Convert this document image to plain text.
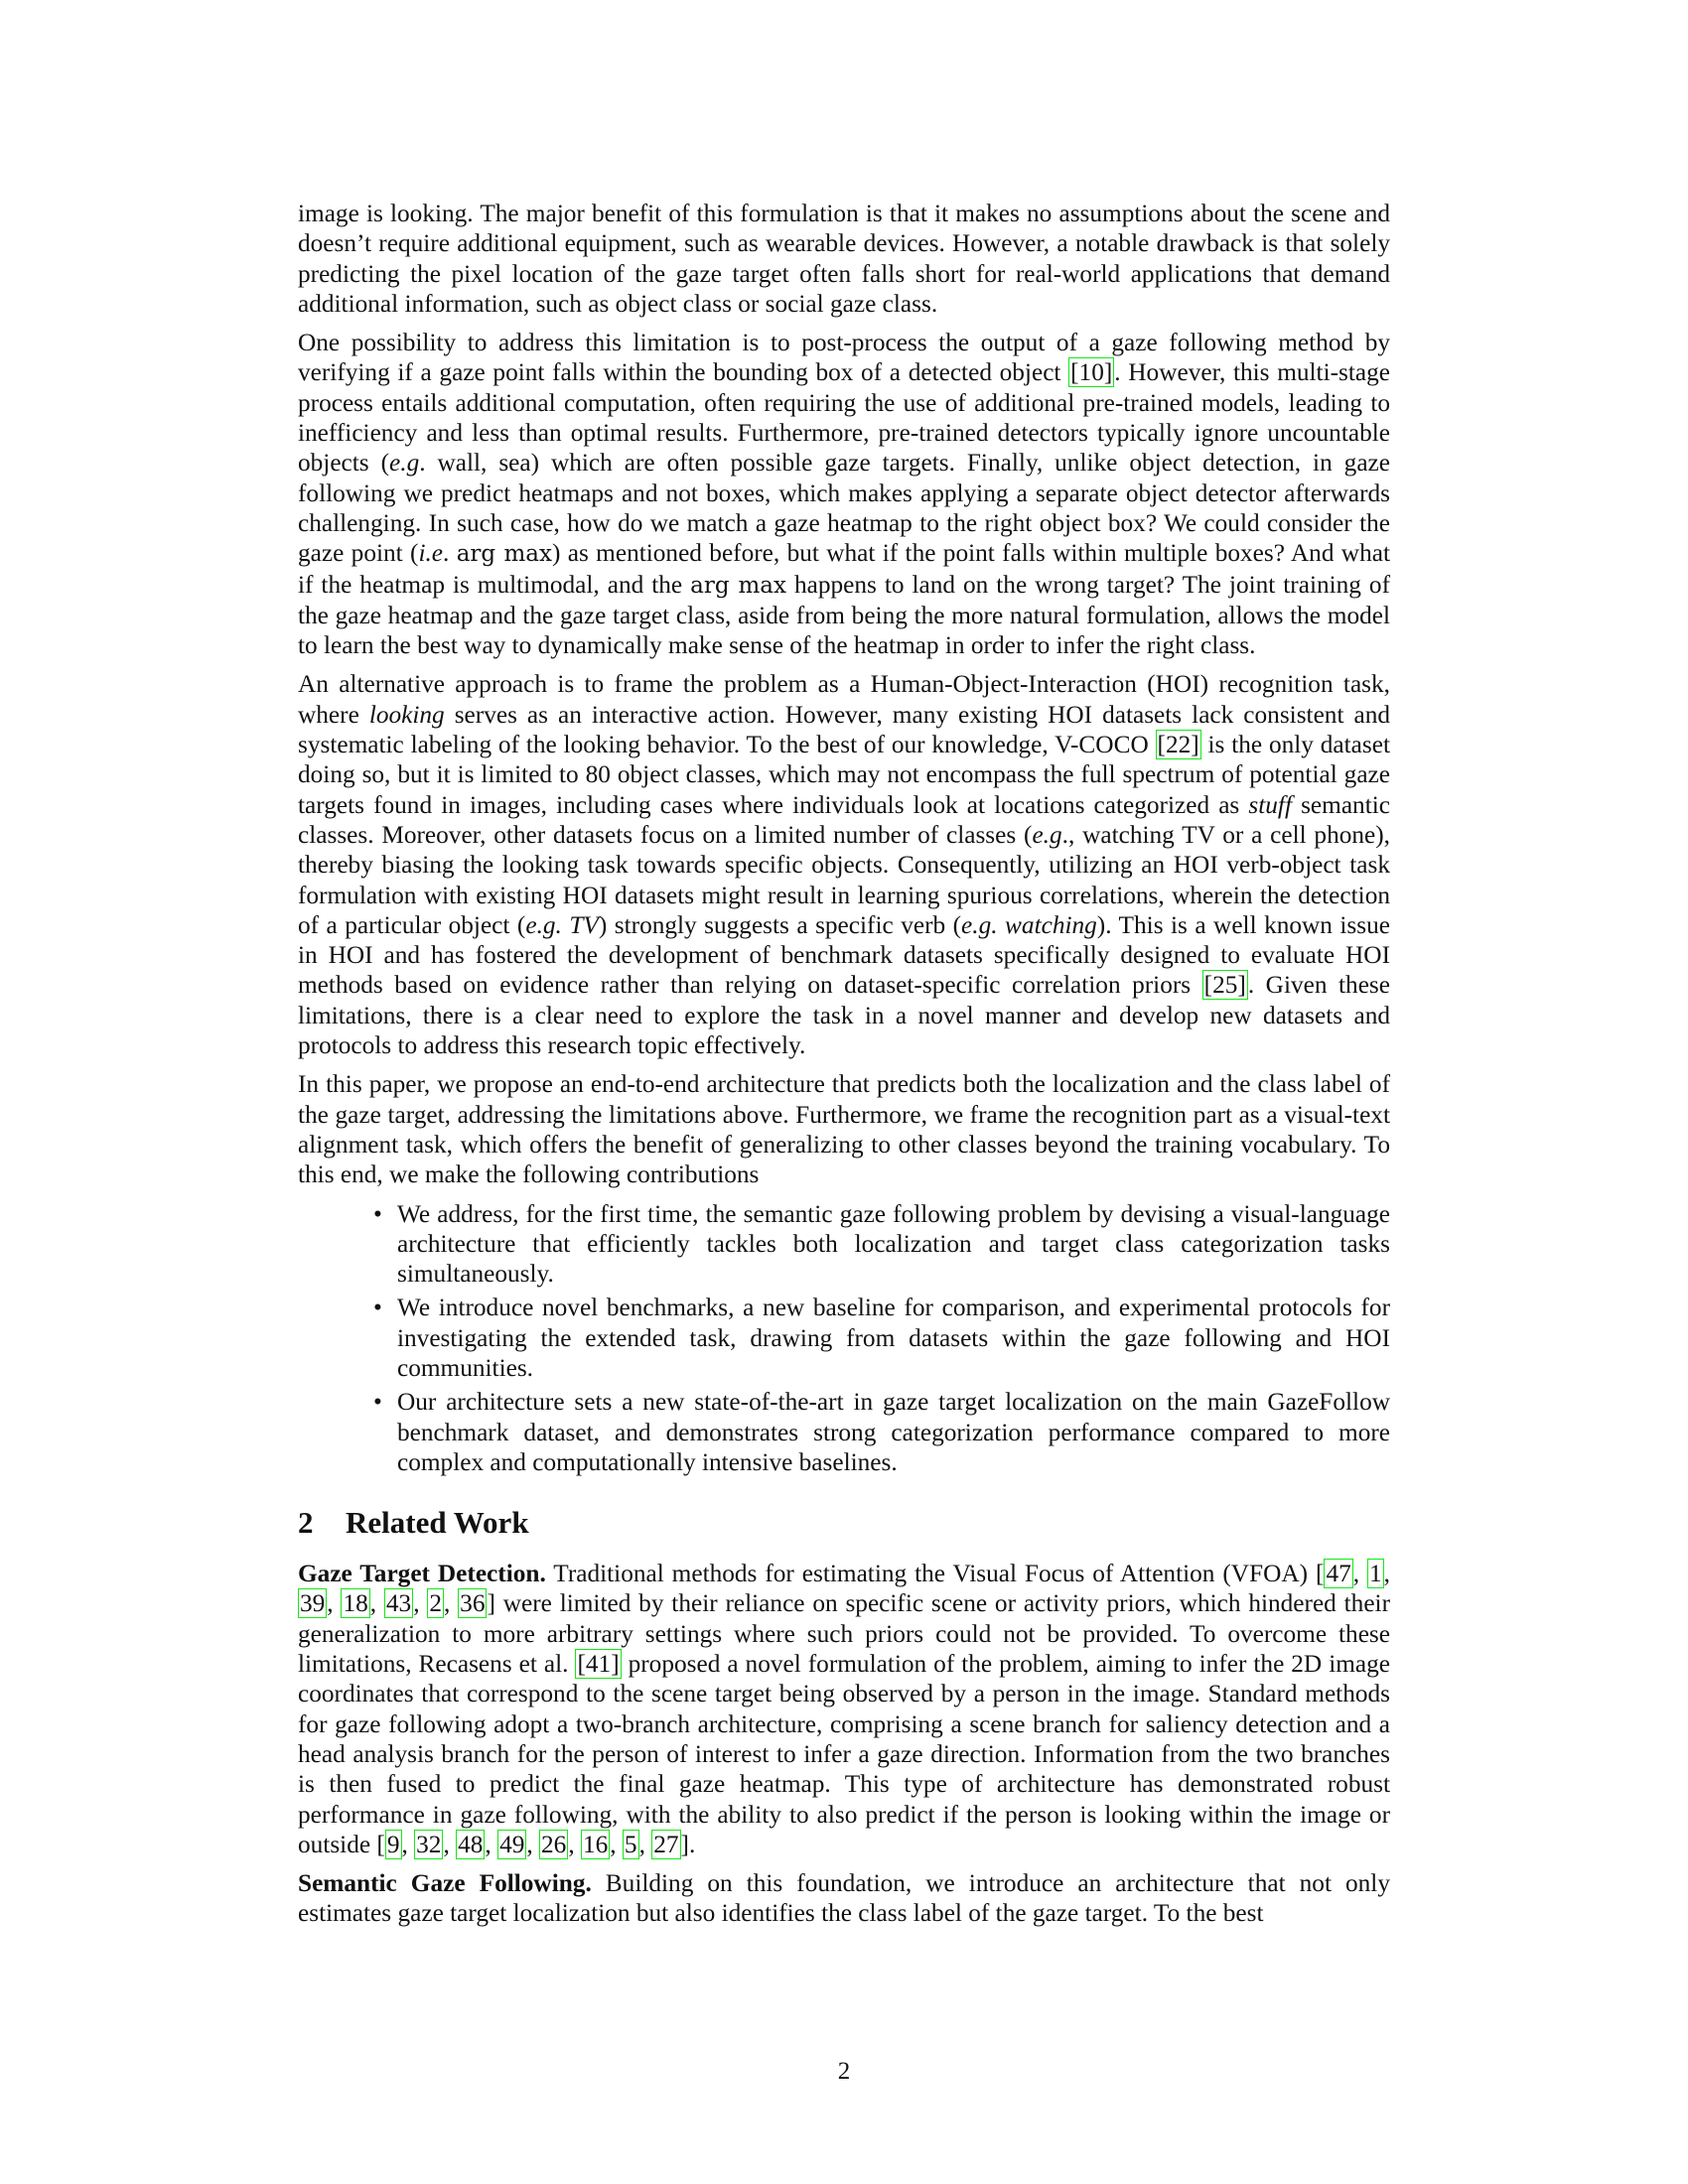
image is looking. The major benefit of this formulation is that it makes no assumptions about the scene and doesn’t require additional equipment, such as wearable devices. However, a notable drawback is that solely predicting the pixel location of the gaze target often falls short for real-world applications that demand additional information, such as object class or social gaze class.

One possibility to address this limitation is to post-process the output of a gaze following method by verifying if a gaze point falls within the bounding box of a detected object [10]. However, this multi-stage process entails additional computation, often requiring the use of additional pre-trained models, leading to inefficiency and less than optimal results. Furthermore, pre-trained detectors typically ignore uncountable objects (e.g. wall, sea) which are often possible gaze targets. Finally, unlike object detection, in gaze following we predict heatmaps and not boxes, which makes applying a separate object detector afterwards challenging. In such case, how do we match a gaze heatmap to the right object box? We could consider the gaze point (i.e. arg max) as mentioned before, but what if the point falls within multiple boxes? And what if the heatmap is multimodal, and the arg max happens to land on the wrong target? The joint training of the gaze heatmap and the gaze target class, aside from being the more natural formulation, allows the model to learn the best way to dynamically make sense of the heatmap in order to infer the right class.

An alternative approach is to frame the problem as a Human-Object-Interaction (HOI) recognition task, where looking serves as an interactive action. However, many existing HOI datasets lack consistent and systematic labeling of the looking behavior. To the best of our knowledge, V-COCO [22] is the only dataset doing so, but it is limited to 80 object classes, which may not encompass the full spectrum of potential gaze targets found in images, including cases where individuals look at locations categorized as stuff semantic classes. Moreover, other datasets focus on a limited number of classes (e.g., watching TV or a cell phone), thereby biasing the looking task towards specific objects. Consequently, utilizing an HOI verb-object task formulation with existing HOI datasets might result in learning spurious correlations, wherein the detection of a particular object (e.g. TV) strongly suggests a specific verb (e.g. watching). This is a well known issue in HOI and has fostered the development of benchmark datasets specifically designed to evaluate HOI methods based on evidence rather than relying on dataset-specific correlation priors [25]. Given these limitations, there is a clear need to explore the task in a novel manner and develop new datasets and protocols to address this research topic effectively.

In this paper, we propose an end-to-end architecture that predicts both the localization and the class label of the gaze target, addressing the limitations above. Furthermore, we frame the recognition part as a visual-text alignment task, which offers the benefit of generalizing to other classes beyond the training vocabulary. To this end, we make the following contributions

• We address, for the first time, the semantic gaze following problem by devising a visual-language architecture that efficiently tackles both localization and target class categorization tasks simultaneously.
• We introduce novel benchmarks, a new baseline for comparison, and experimental protocols for investigating the extended task, drawing from datasets within the gaze following and HOI communities.
• Our architecture sets a new state-of-the-art in gaze target localization on the main GazeFollow benchmark dataset, and demonstrates strong categorization performance compared to more complex and computationally intensive baselines.
2 Related Work

Gaze Target Detection. Traditional methods for estimating the Visual Focus of Attention (VFOA) [47, 1, 39, 18, 43, 2, 36] were limited by their reliance on specific scene or activity priors, which hindered their generalization to more arbitrary settings where such priors could not be provided. To overcome these limitations, Recasens et al. [41] proposed a novel formulation of the problem, aiming to infer the 2D image coordinates that correspond to the scene target being observed by a person in the image. Standard methods for gaze following adopt a two-branch architecture, comprising a scene branch for saliency detection and a head analysis branch for the person of interest to infer a gaze direction. Information from the two branches is then fused to predict the final gaze heatmap. This type of architecture has demonstrated robust performance in gaze following, with the ability to also predict if the person is looking within the image or outside [9, 32, 48, 49, 26, 16, 5, 27].

Semantic Gaze Following. Building on this foundation, we introduce an architecture that not only estimates gaze target localization but also identifies the class label of the gaze target. To the best

2
